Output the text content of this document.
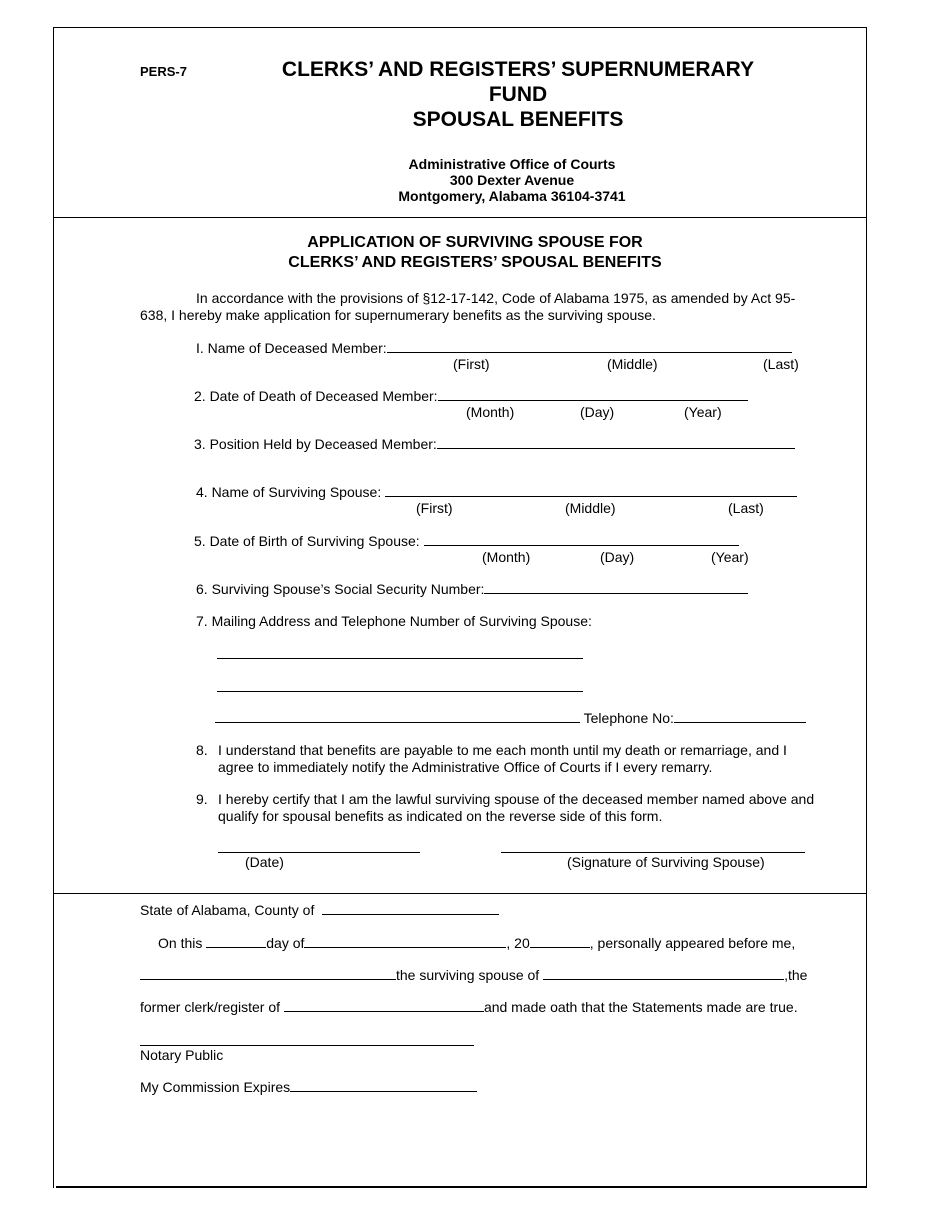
PERS-7	CLERKS’ AND REGISTERS’ SUPERNUMERARY
FUND
SPOUSAL BENEFITS
Administrative Office of Courts
300 Dexter Avenue
Montgomery, Alabama 36104-3741
APPLICATION OF SURVIVING SPOUSE FOR
CLERKS’ AND REGISTERS’ SPOUSAL BENEFITS
In accordance with the provisions of §12-17-142, Code of Alabama 1975, as amended by Act 95-
638, I hereby make application for supernumerary benefits as the surviving spouse.
I. Name of Deceased Member:
(First)	(Middle)	(Last)
2. Date of Death of Deceased Member:
(Month)	(Day)	(Year)
3. Position Held by Deceased Member:
4. Name of Surviving Spouse:
(First)	(Middle)	(Last)
5. Date of Birth of Surviving Spouse:
(Month)	(Day)	(Year)
6. Surviving Spouse’s Social Security Number:
7. Mailing Address and Telephone Number of Surviving Spouse:
Telephone No:
8. I understand that benefits are payable to me each month until my death or remarriage, and I agree to immediately notify the Administrative Office of Courts if I every remarry.
9. I hereby certify that I am the lawful surviving spouse of the deceased member named above and qualify for spousal benefits as indicated on the reverse side of this form.
(Date)	(Signature of Surviving Spouse)
State of Alabama, County of
On this	day of	, 20	, personally appeared before me,
the surviving spouse of	,the
former clerk/register of	and made oath that the Statements made are true.
Notary Public
My Commission Expires
